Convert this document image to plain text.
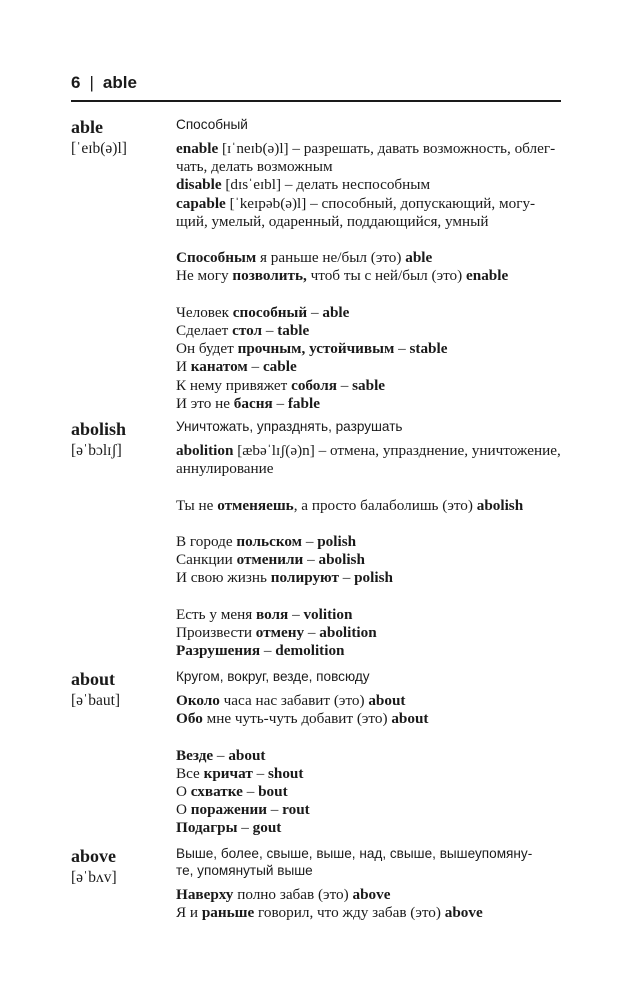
6 | able
able
[ˈeɪb(ə)l]
Способный
enable [ɪˈneɪb(ə)l] – разрешать, давать возможность, облег-
чать, делать возможным
disable [dɪsˈeɪbl] – делать неспособным
capable [ˈkeɪpəb(ə)l] – способный, допускающий, могу-
щий, умелый, одаренный, поддающийся, умный
Способным я раньше не/был (это) able
Не могу позволить, чтоб ты с ней/был (это) enable
Человек способный – able
Сделает стол – table
Он будет прочным, устойчивым – stable
И канатом – cable
К нему привяжет соболя – sable
И это не басня – fable
abolish
[əˈbɔlɪʃ]
Уничтожать, упразднять, разрушать
abolition [æbəˈlɪʃ(ə)n] – отмена, упразднение, уничтожение,
аннулирование
Ты не отменяешь, а просто балаболишь (это) abolish
В городе польском – polish
Санкции отменили – abolish
И свою жизнь полируют – polish
Есть у меня воля – volition
Произвести отмену – abolition
Разрушения – demolition
about
[əˈbaut]
Кругом, вокруг, везде, повсюду
Около часа нас забавит (это) about
Обо мне чуть-чуть добавит (это) about
Везде – about
Все кричат – shout
О схватке – bout
О поражении – rout
Подагры – gout
above
[əˈbʌv]
Выше, более, свыше, выше, над, свыше, вышеупомяну-
те, упомянутый выше
Наверху полно забав (это) above
Я и раньше говорил, что жду забав (это) above
